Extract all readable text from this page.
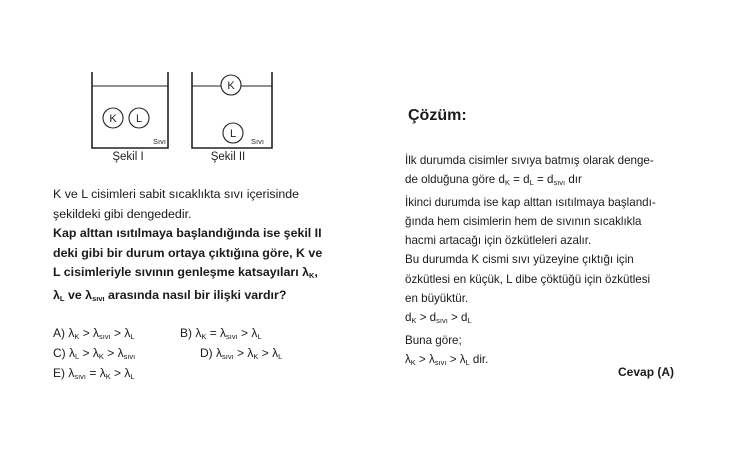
K L
Sıvı
Şekil I
K
L
Sıvı
Şekil II
K ve L cisimleri sabit sıcaklıkta sıvı içerisinde
şekildeki gibi dengededir.
Kap alttan ısıtılmaya başlandığında ise şekil II
deki gibi bir durum ortaya çıktığına göre, K ve
L cisimleriyle sıvının genleşme katsayıları $\lambda_K$,
$\lambda_L$ ve $\lambda_{sıvı}$ arasında nasıl bir ilişki vardır?
A) $\lambda_K > \lambda_{sıvı} > \lambda_L$	B) $\lambda_K = \lambda_{sıvı} > \lambda_L$
C) $\lambda_L > \lambda_K > \lambda_{sıvı}$	D) $\lambda_{sıvı} > \lambda_K > \lambda_L$
E) $\lambda_{sıvı} = \lambda_K > \lambda_L$
Çözüm:
İlk durumda cisimler sıvıya batmış olarak denge-
de olduğuna göre $d_K = d_L = d_{sıvı}$ dır
İkinci durumda ise kap alttan ısıtılmaya başlandı-
ğında hem cisimlerin hem de sıvının sıcaklıkla
hacmi artacağı için özkütleleri azalır.
Bu durumda K cismi sıvı yüzeyine çıktığı için
özkütlesi en küçük, L dibe çöktüğü için özkütlesi
en büyüktür.
$d_K > d_{sıvı} > d_L$
Buna göre;
$\lambda_K > \lambda_{sıvı} > \lambda_L$ dir.
Cevap (A)
